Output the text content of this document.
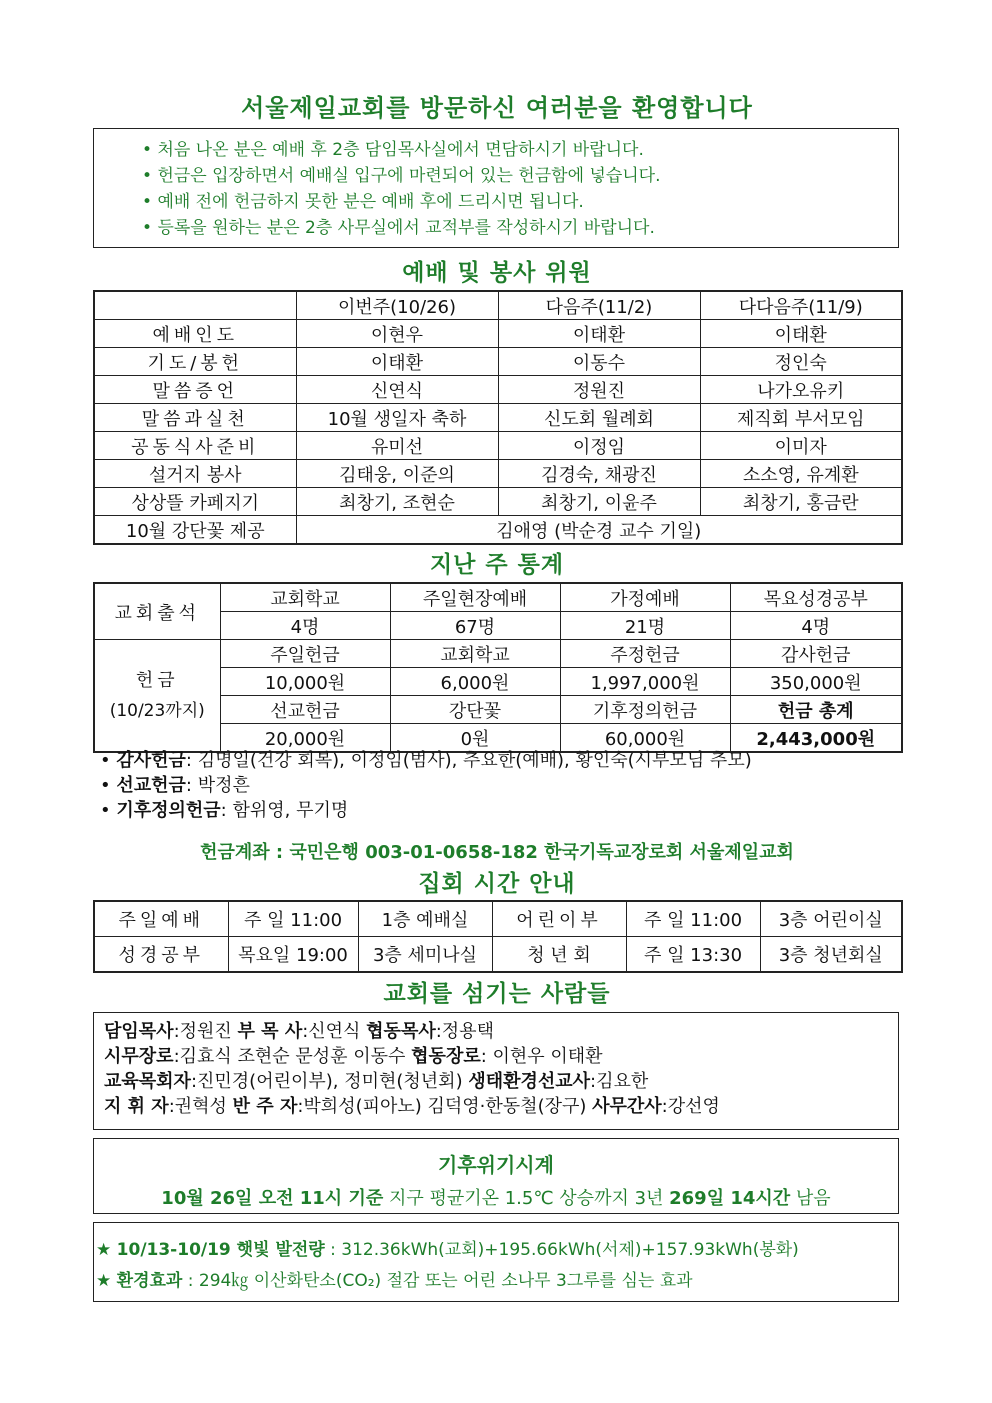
서울제일교회를 방문하신 여러분을 환영합니다
• 처음 나온 분은 예배 후 2층 담임목사실에서 면담하시기 바랍니다.
• 헌금은 입장하면서 예배실 입구에 마련되어 있는 헌금함에 넣습니다.
• 예배 전에 헌금하지 못한 분은 예배 후에 드리시면 됩니다.
• 등록을 원하는 분은 2층 사무실에서 교적부를 작성하시기 바랍니다.
예배 및 봉사 위원
	이번주(10/26)	다음주(11/2)	다다음주(11/9)
예배인도	이현우	이태환	이태환
기도/봉헌	이태환	이동수	정인숙
말씀증언	신연식	정원진	나가오유키
말씀과실천	10월 생일자 축하	신도회 월례회	제직회 부서모임
공동식사준비	유미선	이정임	이미자
설거지 봉사	김태웅, 이준의	김경숙, 채광진	소소영, 유계환
상상뜰 카페지기	최창기, 조현순	최창기, 이윤주	최창기, 홍금란
10월 강단꽃 제공	김애영 (박순경 교수 기일)		
지난 주 통계
교회출석	교회학교	주일현장예배	가정예배	목요성경공부
	4명	67명	21명	4명

헌금
(10/23까지)	주일헌금	교회학교	주정헌금	감사헌금
	10,000원	6,000원	1,997,000원	350,000원
	선교헌금	강단꽃	기후정의헌금	헌금 총계
	20,000원	0원	60,000원	2,443,000원
• 감사헌금: 김명일(건강 회복), 이정임(범사), 추요한(예배), 황인숙(시부모님 추모)
• 선교헌금: 박정흔
• 기후정의헌금: 함위영, 무기명
헌금계좌 : 국민은행 003-01-0658-182 한국기독교장로회 서울제일교회
집회 시간 안내
주일예배	주 일 11:00	1층 예배실	어린이부	주 일 11:00	3층 어린이실
성경공부	목요일 19:00	3층 세미나실	청 년 회	주 일 13:30	3층 청년회실
교회를 섬기는 사람들
담임목사:정원진 부 목 사:신연식 협동목사:정용택
시무장로:김효식 조현순 문성훈 이동수 협동장로: 이현우 이태환
교육목회자:진민경(어린이부), 정미현(청년회) 생태환경선교사:김요한
지 휘 자:권혁성 반 주 자:박희성(피아노) 김덕영·한동철(장구) 사무간사:강선영
기후위기시계
10월 26일 오전 11시 기준 지구 평균기온 1.5℃ 상승까지 3년 269일 14시간 남음
★ 10/13-10/19 햇빛 발전량 : 312.36kWh(교회)+195.66kWh(서제)+157.93kWh(봉화)
★ 환경효과 : 294㎏ 이산화탄소(CO₂) 절감 또는 어린 소나무 3그루를 심는 효과
